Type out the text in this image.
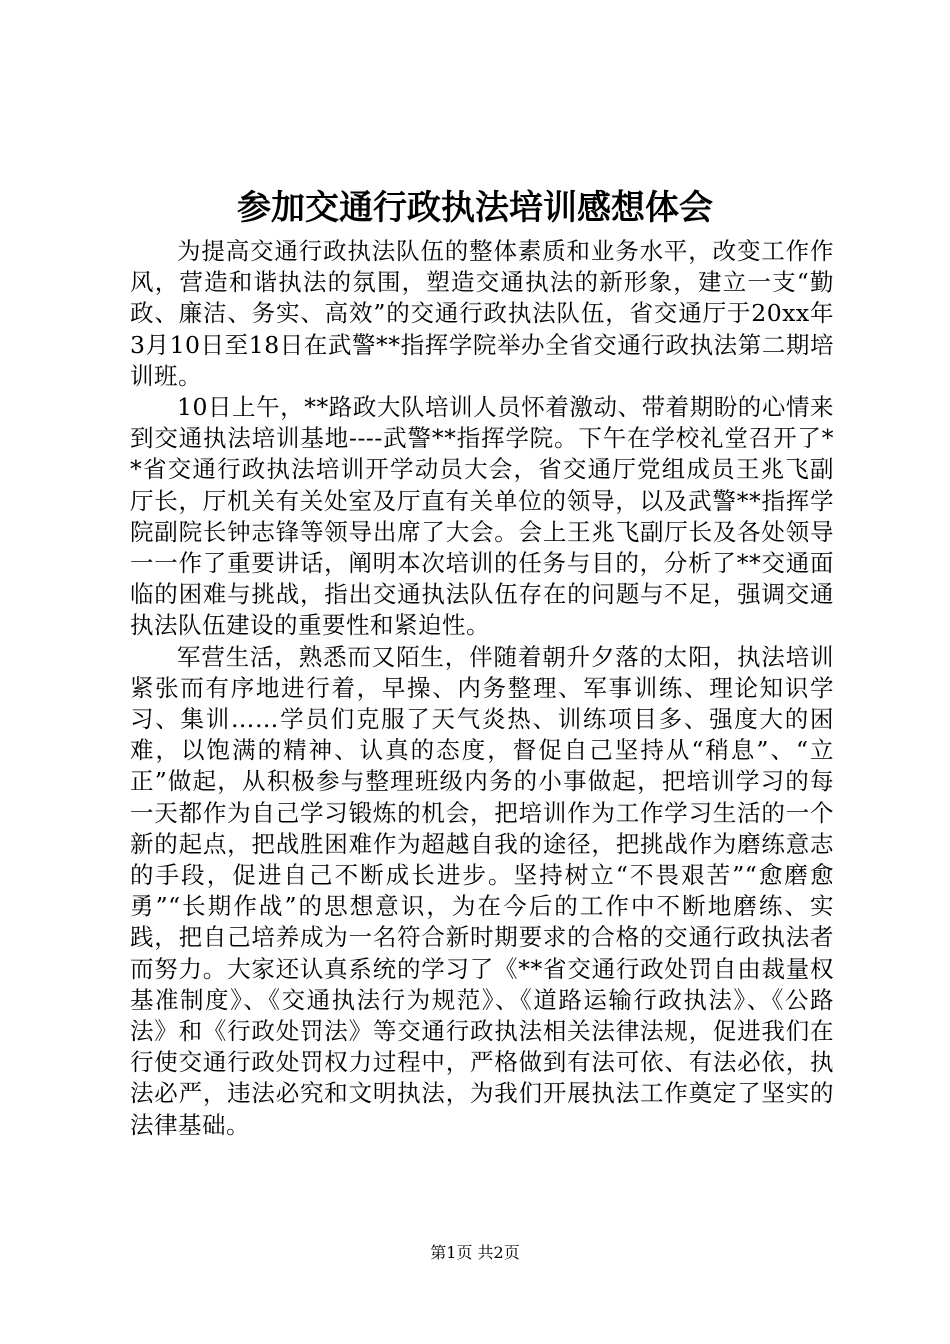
参加交通行政执法培训感想体会

为提高交通行政执法队伍的整体素质和业务水平，改变工作作风，营造和谐执法的氛围，塑造交通执法的新形象，建立一支“勤政、廉洁、务实、高效”的交通行政执法队伍，省交通厅于20xx年3月10日至18日在武警**指挥学院举办全省交通行政执法第二期培训班。

10日上午，**路政大队培训人员怀着激动、带着期盼的心情来到交通执法培训基地----武警**指挥学院。下午在学校礼堂召开了**省交通行政执法培训开学动员大会，省交通厅党组成员王兆飞副厅长，厅机关有关处室及厅直有关单位的领导，以及武警**指挥学院副院长钟志锋等领导出席了大会。会上王兆飞副厅长及各处领导一一作了重要讲话，阐明本次培训的任务与目的，分析了**交通面临的困难与挑战，指出交通执法队伍存在的问题与不足，强调交通执法队伍建设的重要性和紧迫性。

军营生活，熟悉而又陌生，伴随着朝升夕落的太阳，执法培训紧张而有序地进行着，早操、内务整理、军事训练、理论知识学习、集训……学员们克服了天气炎热、训练项目多、强度大的困难，以饱满的精神、认真的态度，督促自己坚持从“稍息”、“立正”做起，从积极参与整理班级内务的小事做起，把培训学习的每一天都作为自己学习锻炼的机会，把培训作为工作学习生活的一个新的起点，把战胜困难作为超越自我的途径，把挑战作为磨练意志的手段，促进自己不断成长进步。坚持树立“不畏艰苦”“愈磨愈勇”“长期作战”的思想意识，为在今后的工作中不断地磨练、实践，把自己培养成为一名符合新时期要求的合格的交通行政执法者而努力。大家还认真系统的学习了《**省交通行政处罚自由裁量权基准制度》、《交通执法行为规范》、《道路运输行政执法》、《公路法》和《行政处罚法》等交通行政执法相关法律法规，促进我们在行使交通行政处罚权力过程中，严格做到有法可依、有法必依，执法必严，违法必究和文明执法，为我们开展执法工作奠定了坚实的法律基础。

第1页 共2页
